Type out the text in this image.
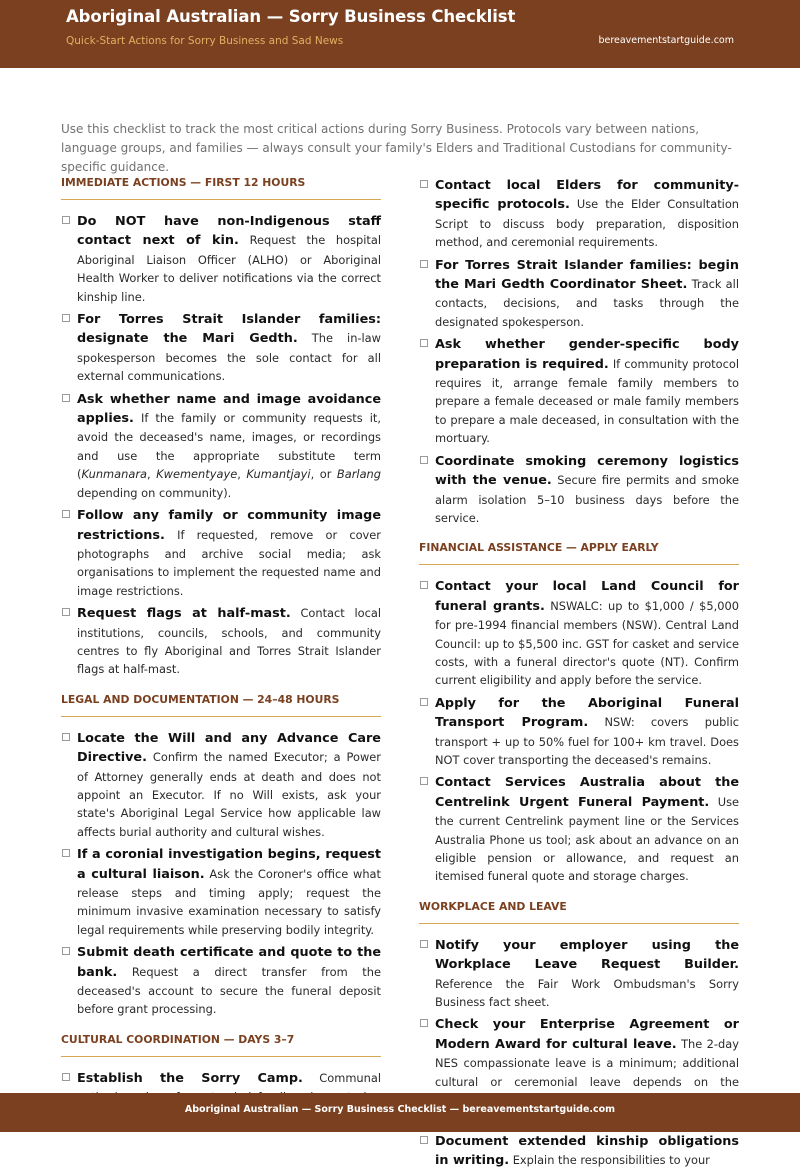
Aboriginal Australian — Sorry Business Checklist
Quick-Start Actions for Sorry Business and Sad News	bereavementstartguide.com
Use this checklist to track the most critical actions during Sorry Business. Protocols vary between nations, language groups, and families — always consult your family's Elders and Traditional Custodians for community-specific guidance.
IMMEDIATE ACTIONS — FIRST 12 HOURS
Do NOT have non-Indigenous staff contact next of kin. Request the hospital Aboriginal Liaison Officer (ALHO) or Aboriginal Health Worker to deliver notifications via the correct kinship line.
For Torres Strait Islander families: designate the Mari Gedth. The in-law spokesperson becomes the sole contact for all external communications.
Ask whether name and image avoidance applies. If the family or community requests it, avoid the deceased's name, images, or recordings and use the appropriate substitute term (Kunmanara, Kwementyaye, Kumantjayi, or Barlang depending on community).
Follow any family or community image restrictions. If requested, remove or cover photographs and archive social media; ask organisations to implement the requested name and image restrictions.
Request flags at half-mast. Contact local institutions, councils, schools, and community centres to fly Aboriginal and Torres Strait Islander flags at half-mast.
LEGAL AND DOCUMENTATION — 24–48 HOURS
Locate the Will and any Advance Care Directive. Confirm the named Executor; a Power of Attorney generally ends at death and does not appoint an Executor. If no Will exists, ask your state's Aboriginal Legal Service how applicable law affects burial authority and cultural wishes.
If a coronial investigation begins, request a cultural liaison. Ask the Coroner's office what release steps and timing apply; request the minimum invasive examination necessary to satisfy legal requirements while preserving bodily integrity.
Submit death certificate and quote to the bank. Request a direct transfer from the deceased's account to secure the funeral deposit before grant processing.
CULTURAL COORDINATION — DAYS 3–7
Establish the Sorry Camp. Communal
Contact local Elders for community-specific protocols. Use the Elder Consultation Script to discuss body preparation, disposition method, and ceremonial requirements.
For Torres Strait Islander families: begin the Mari Gedth Coordinator Sheet. Track all contacts, decisions, and tasks through the designated spokesperson.
Ask whether gender-specific body preparation is required. If community protocol requires it, arrange female family members to prepare a female deceased or male family members to prepare a male deceased, in consultation with the mortuary.
Coordinate smoking ceremony logistics with the venue. Secure fire permits and smoke alarm isolation 5–10 business days before the service.
FINANCIAL ASSISTANCE — APPLY EARLY
Contact your local Land Council for funeral grants. NSWALC: up to $1,000 / $5,000 for pre-1994 financial members (NSW). Central Land Council: up to $5,500 inc. GST for casket and service costs, with a funeral director's quote (NT). Confirm current eligibility and apply before the service.
Apply for the Aboriginal Funeral Transport Program. NSW: covers public transport + up to 50% fuel for 100+ km travel. Does NOT cover transporting the deceased's remains.
Contact Services Australia about the Centrelink Urgent Funeral Payment. Use the current Centrelink payment line or the Services Australia Phone us tool; ask about an advance on an eligible pension or allowance, and request an itemised funeral quote and storage charges.
WORKPLACE AND LEAVE
Notify your employer using the Workplace Leave Request Builder. Reference the Fair Work Ombudsman's Sorry Business fact sheet.
Check your Enterprise Agreement or Modern Award for cultural leave. The 2-day NES compassionate leave is a minimum; additional cultural or ceremonial leave depends on the
Document extended kinship obligations in writing. Explain the responsibilities to your
Aboriginal Australian — Sorry Business Checklist — bereavementstartguide.com
